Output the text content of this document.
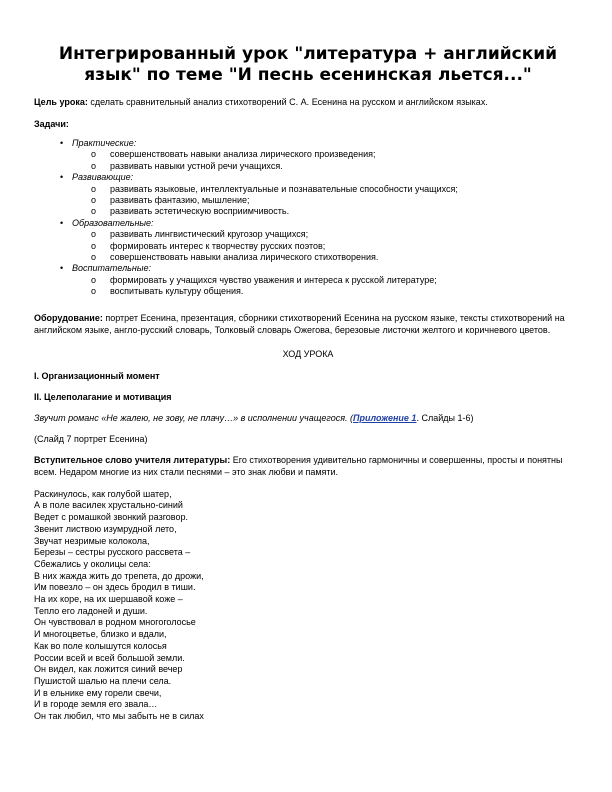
Интегрированный урок "литература + английский
язык" по теме "И песнь есенинская льется..."

Цель урока: сделать сравнительный анализ стихотворений С. А. Есенина на русском и английском языках.

Задачи:

• Практические:
o совершенствовать навыки анализа лирического произведения;
o развивать навыки устной речи учащихся.
• Развивающие:
o развивать языковые, интеллектуальные и познавательные способности учащихся;
o развивать фантазию, мышление;
o развивать эстетическую восприимчивость.
• Образовательные:
o развивать лингвистический кругозор учащихся;
o формировать интерес к творчеству русских поэтов;
o совершенствовать навыки анализа лирического стихотворения.
• Воспитательные:
o формировать у учащихся чувство уважения и интереса к русской литературе;
o воспитывать культуру общения.

Оборудование: портрет Есенина, презентация, сборники стихотворений Есенина на русском языке, тексты стихотворений на английском языке, англо-русский словарь, Толковый словарь Ожегова, березовые листочки желтого и коричневого цветов.

ХОД УРОКА

I. Организационный момент

II. Целеполагание и мотивация

Звучит романс «Не жалею, не зову, не плачу…» в исполнении учащегося. (Приложение 1. Слайды 1-6)

(Слайд 7 портрет Есенина)

Вступительное слово учителя литературы: Его стихотворения удивительно гармоничны и совершенны, просты и понятны всем. Недаром многие из них стали песнями – это знак любви и памяти.

Раскинулось, как голубой шатер,
А в поле василек хрустально-синий
Ведет с ромашкой звонкий разговор.
Звенит листвою изумрудной лето,
Звучат незримые колокола,
Березы – сестры русского рассвета –
Сбежались у околицы села:
В них жажда жить до трепета, до дрожи,
Им повезло – он здесь бродил в тиши.
На их коре, на их шершавой коже –
Тепло его ладоней и души.
Он чувствовал в родном многоголосье
И многоцветье, близко и вдали,
Как во поле колышутся колосья
России всей и всей большой земли.
Он видел, как ложится синий вечер
Пушистой шалью на плечи села.
И в ельнике ему горели свечи,
И в городе земля его звала…
Он так любил, что мы забыть не в силах
